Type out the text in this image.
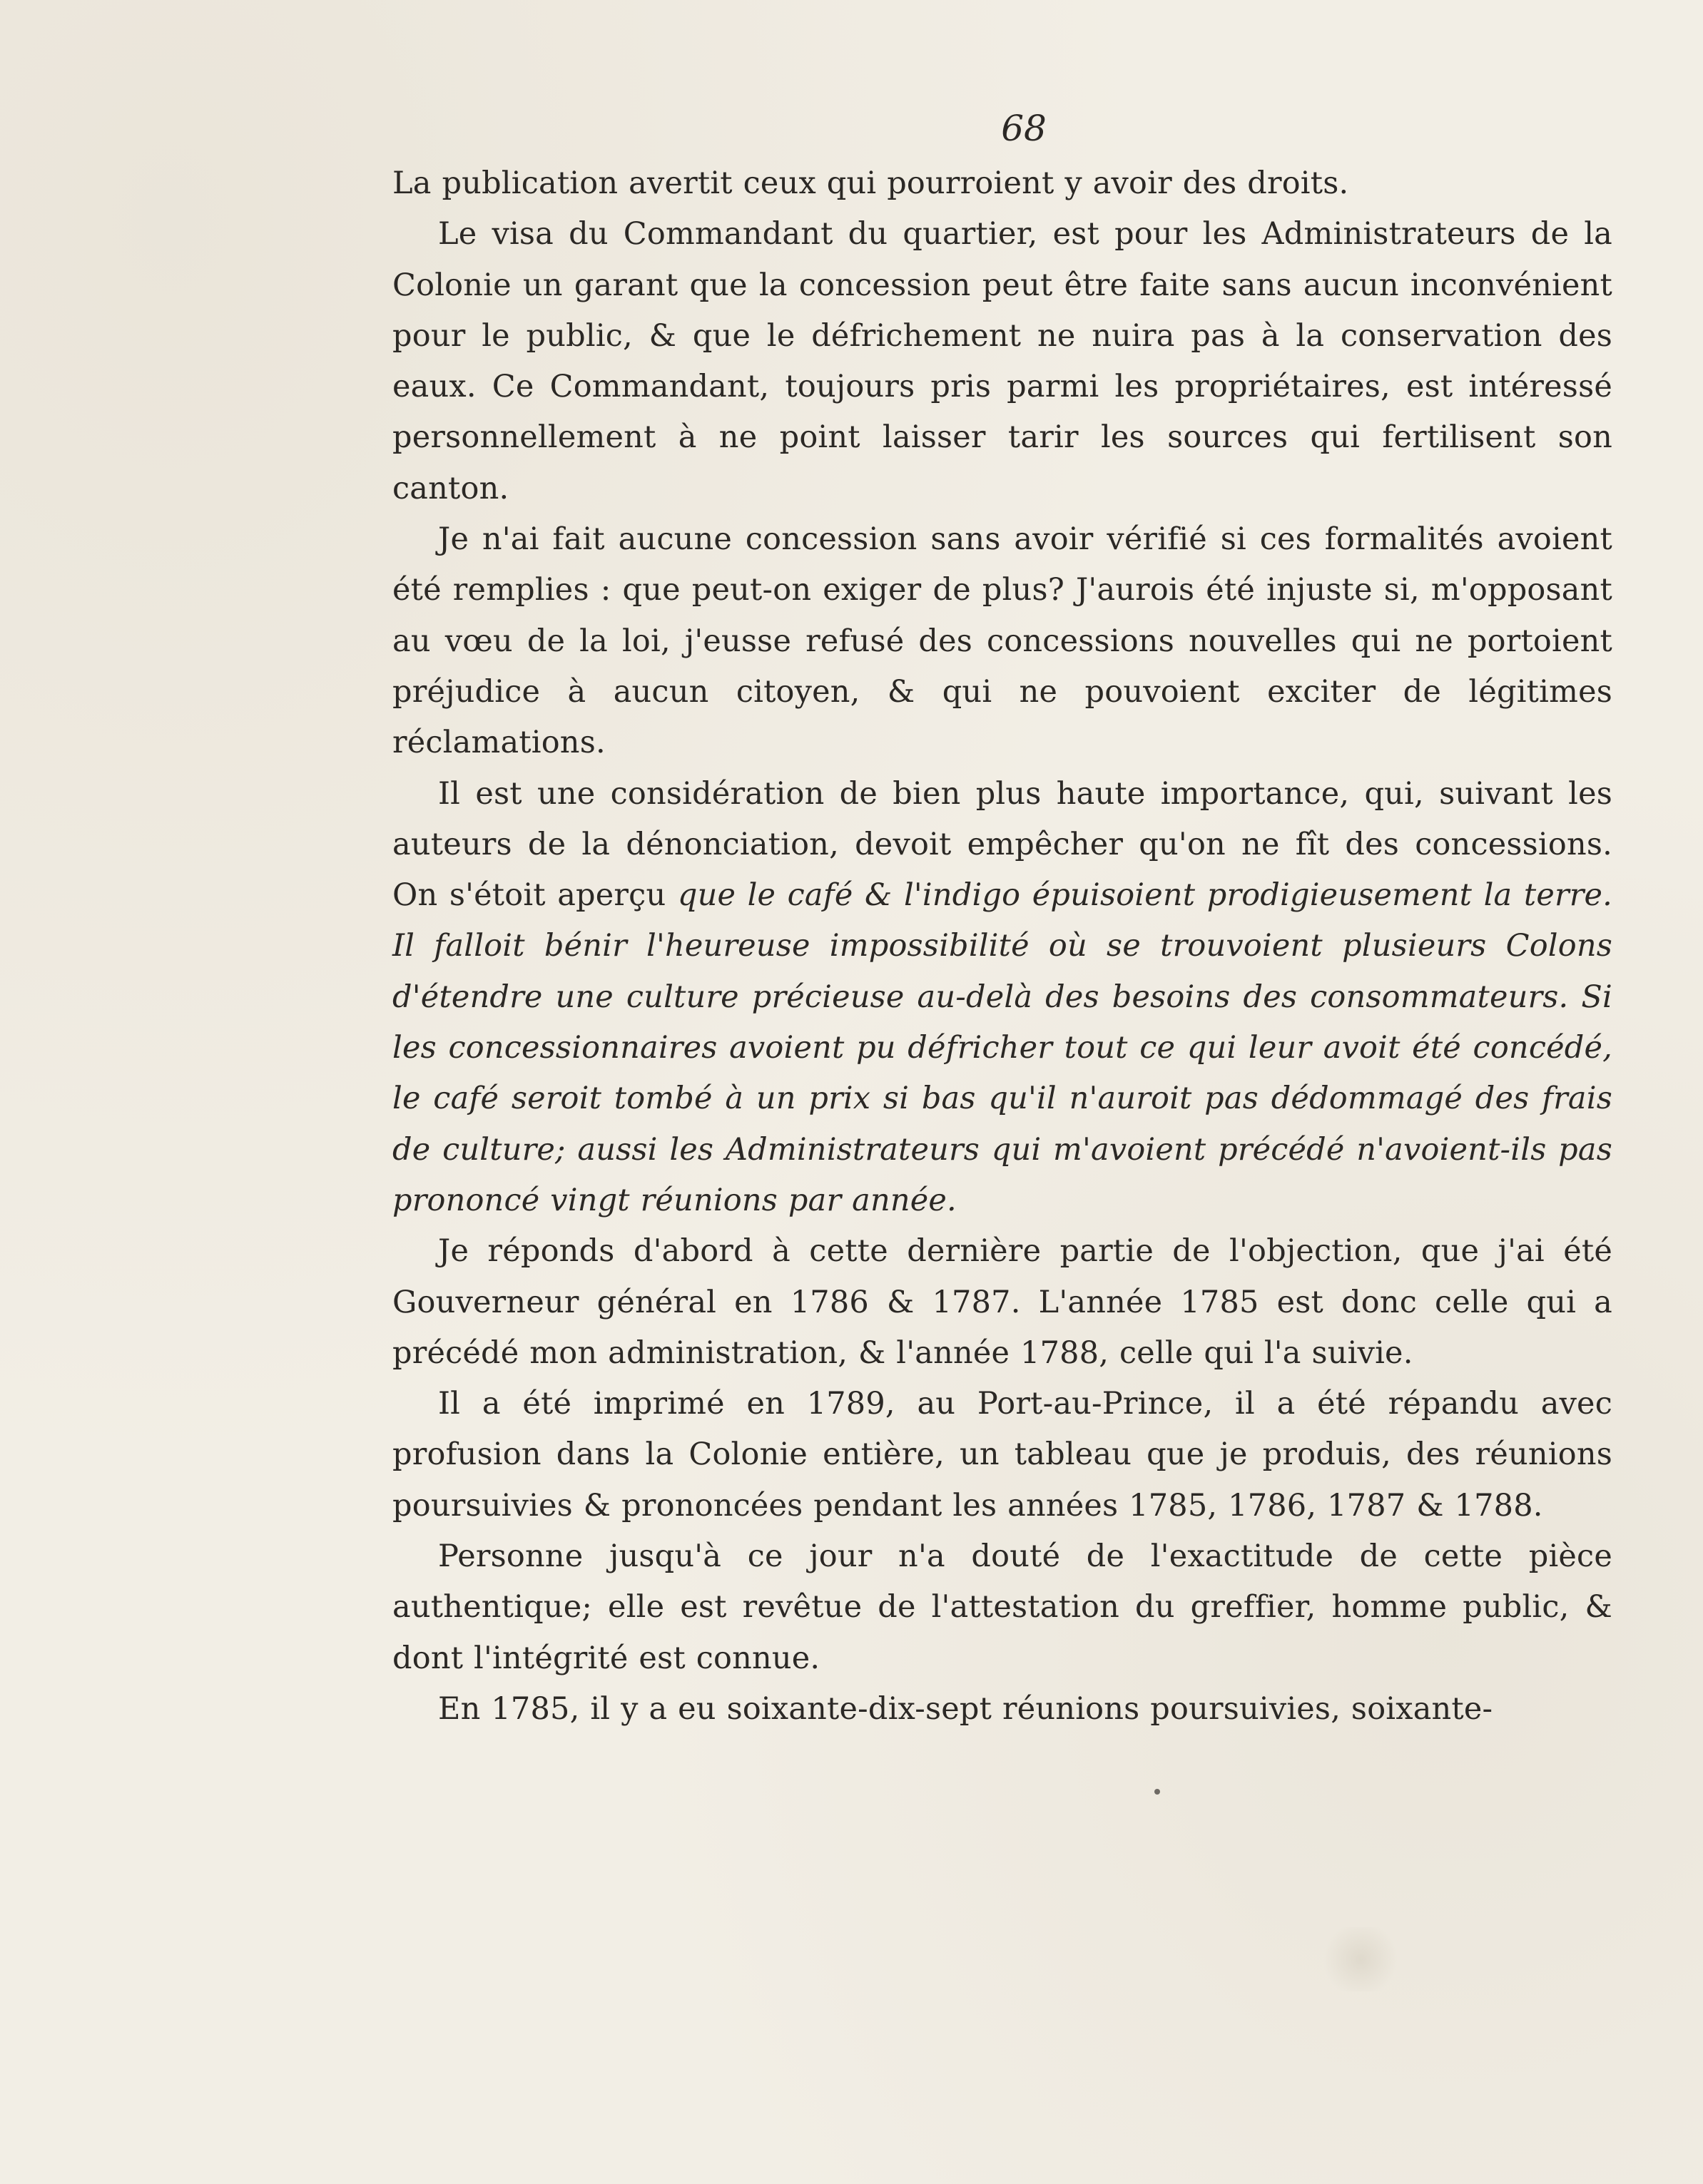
68

La publication avertit ceux qui pourroient y avoir des droits.

Le visa du Commandant du quartier, est pour les Administrateurs de la Colonie un garant que la concession peut être faite sans aucun inconvénient pour le public, & que le défrichement ne nuira pas à la conservation des eaux. Ce Commandant, toujours pris parmi les propriétaires, est intéressé personnellement à ne point laisser tarir les sources qui fertilisent son canton.

Je n'ai fait aucune concession sans avoir vérifié si ces formalités avoient été remplies : que peut-on exiger de plus? J'aurois été injuste si, m'opposant au vœu de la loi, j'eusse refusé des concessions nouvelles qui ne portoient préjudice à aucun citoyen, & qui ne pouvoient exciter de légitimes réclamations.

Il est une considération de bien plus haute importance, qui, suivant les auteurs de la dénonciation, devoit empêcher qu'on ne fît des concessions. On s'étoit aperçu que le café & l'indigo épuisoient prodigieusement la terre. Il falloit bénir l'heureuse impossibilité où se trouvoient plusieurs Colons d'étendre une culture précieuse au-delà des besoins des consommateurs. Si les concessionnaires avoient pu défricher tout ce qui leur avoit été concédé, le café seroit tombé à un prix si bas qu'il n'auroit pas dédommagé des frais de culture; aussi les Administrateurs qui m'avoient précédé n'avoient-ils pas prononcé vingt réunions par année.

Je réponds d'abord à cette dernière partie de l'objection, que j'ai été Gouverneur général en 1786 & 1787. L'année 1785 est donc celle qui a précédé mon administration, & l'année 1788, celle qui l'a suivie.

Il a été imprimé en 1789, au Port-au-Prince, il a été répandu avec profusion dans la Colonie entière, un tableau que je produis, des réunions poursuivies & prononcées pendant les années 1785, 1786, 1787 & 1788.

Personne jusqu'à ce jour n'a douté de l'exactitude de cette pièce authentique; elle est revêtue de l'attestation du greffier, homme public, & dont l'intégrité est connue.

En 1785, il y a eu soixante-dix-sept réunions poursuivies, soixante-
